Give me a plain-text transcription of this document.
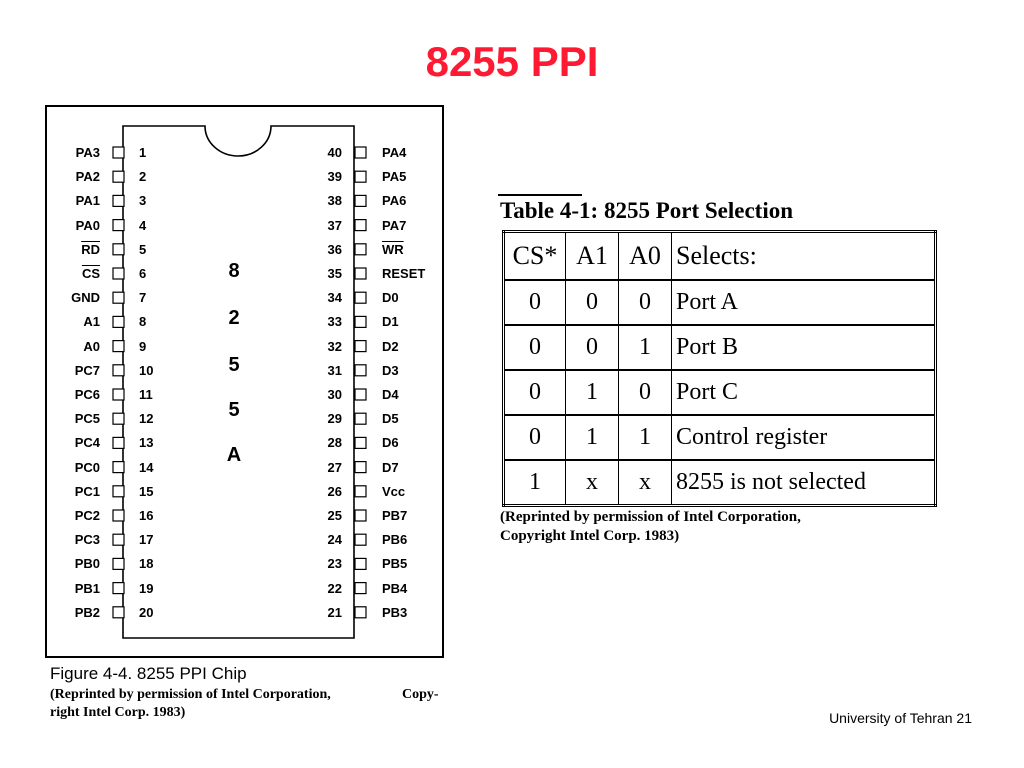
8255 PPI
PA3	1
PA2	2
PA1	3
PA0	4
$\overline{RD}$	5
$\overline{CS}$	6
GND	7
A1	8
A0	9
PC7	10
PC6	11
PC5	12
PC4	13
PC0	14
PC1	15
PC2	16
PC3	17
PB0	18
PB1	19
PB2	20
40	PA4
39	PA5
38	PA6
37	PA7
36	$\overline{WR}$
35	RESET
34	D0
33	D1
32	D2
31	D3
30	D4
29	D5
28	D6
27	D7
26	Vcc
25	PB7
24	PB6
23	PB5
22	PB4
21	PB3
8
2
5
5
A
Figure 4-4. 8255 PPI Chip
(Reprinted by permission of Intel Corporation,	Copy-
right Intel Corp. 1983)
Table 4-1: 8255 Port Selection
CS*	A1	A0	Selects:
0	0	0	Port A
0	0	1	Port B
0	1	0	Port C
0	1	1	Control register
1	x	x	8255 is not selected
(Reprinted by permission of Intel Corporation,
Copyright Intel Corp. 1983)
University of Tehran 21
